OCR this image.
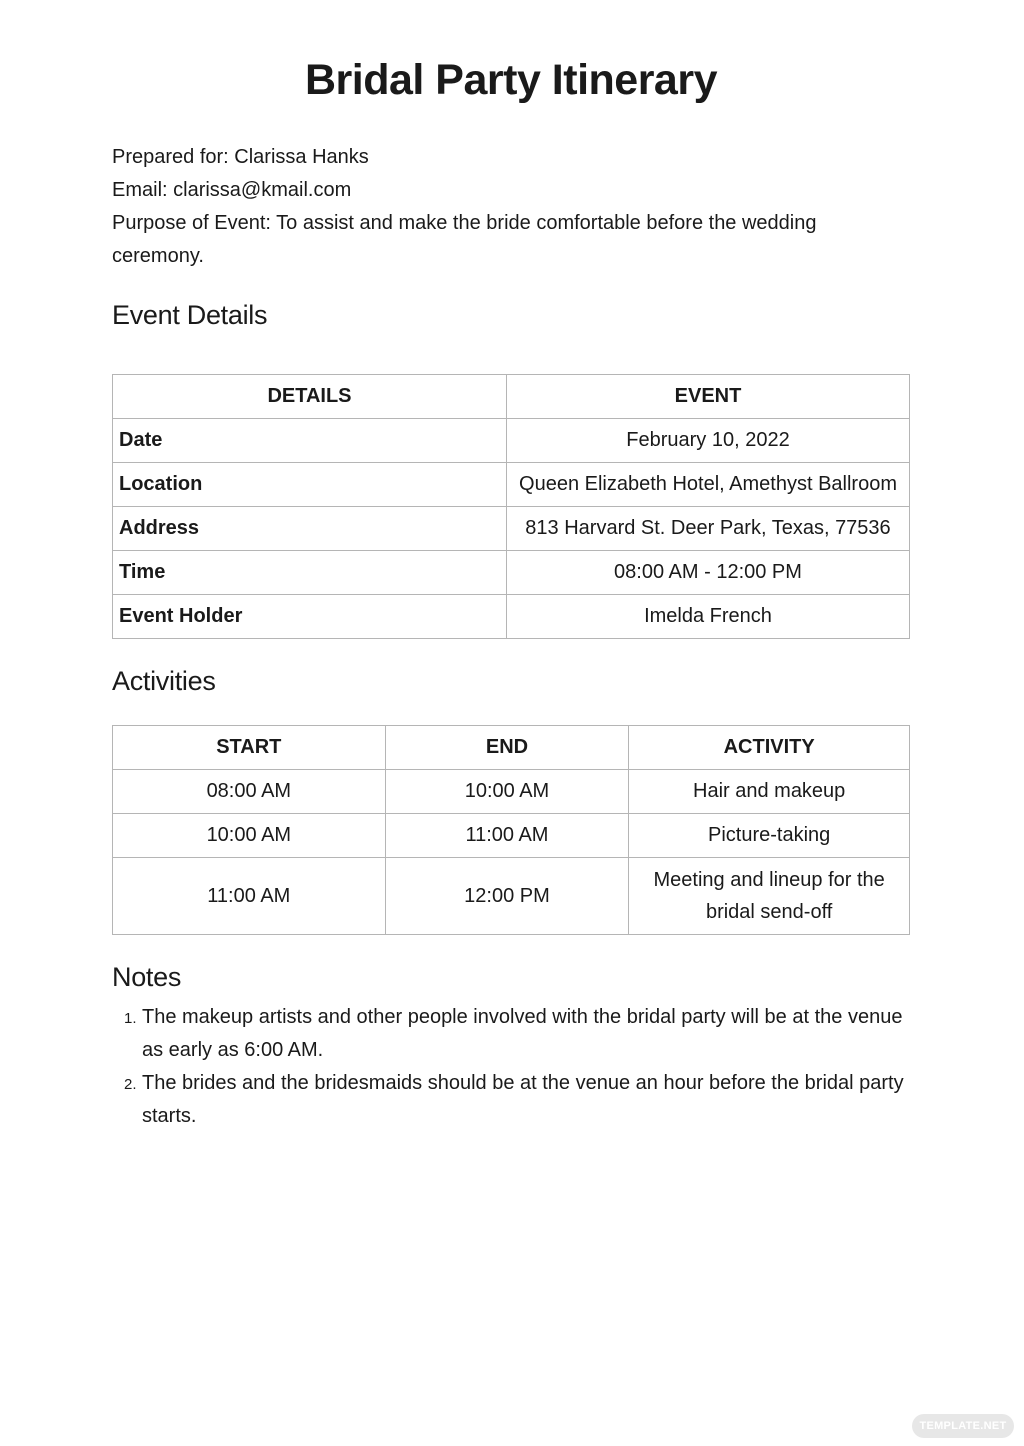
Bridal Party Itinerary
Prepared for: Clarissa Hanks
Email: clarissa@kmail.com
Purpose of Event: To assist and make the bride comfortable before the wedding ceremony.
Event Details
DETAILS	EVENT
Date	February 10, 2022
Location	Queen Elizabeth Hotel, Amethyst Ballroom
Address	813 Harvard St. Deer Park, Texas, 77536
Time	08:00 AM - 12:00 PM
Event Holder	Imelda French
Activities
START	END	ACTIVITY
08:00 AM	10:00 AM	Hair and makeup
10:00 AM	11:00 AM	Picture-taking
11:00 AM	12:00 PM	Meeting and lineup for the bridal send-off
Notes
1. The makeup artists and other people involved with the bridal party will be at the venue as early as 6:00 AM.
2. The brides and the bridesmaids should be at the venue an hour before the bridal party starts.
TEMPLATE.NET
